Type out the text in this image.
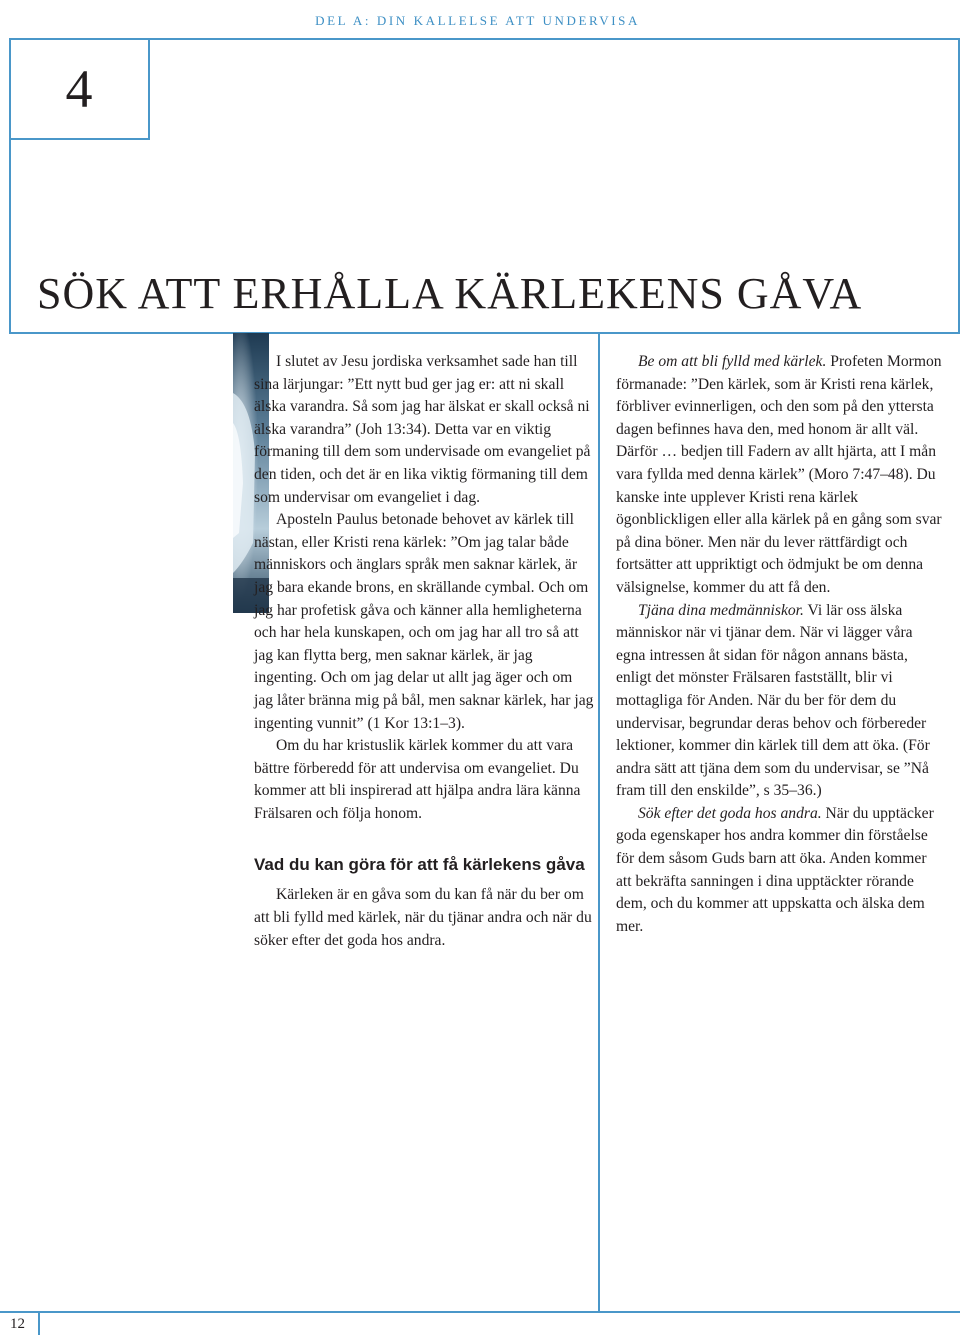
DEL A: DIN KALLELSE ATT UNDERVISA
4
SÖK ATT ERHÅLLA KÄRLEKENS GÅVA

I slutet av Jesu jordiska verksamhet sade han till sina lärjungar: ”Ett nytt bud ger jag er: att ni skall älska varandra. Så som jag har älskat er skall också ni älska varandra” (Joh 13:34). Detta var en viktig förmaning till dem som undervisade om evangeliet på den tiden, och det är en lika viktig förmaning till dem som undervisar om evangeliet i dag.

Aposteln Paulus betonade behovet av kärlek till nästan, eller Kristi rena kärlek: ”Om jag talar både människors och änglars språk men saknar kärlek, är jag bara ekande brons, en skrällande cymbal. Och om jag har profetisk gåva och känner alla hemligheterna och har hela kunskapen, och om jag har all tro så att jag kan flytta berg, men saknar kärlek, är jag ingenting. Och om jag delar ut allt jag äger och om jag låter bränna mig på bål, men saknar kärlek, har jag ingenting vunnit” (1 Kor 13:1–3).

Om du har kristuslik kärlek kommer du att vara bättre förberedd för att undervisa om evangeliet. Du kommer att bli inspirerad att hjälpa andra lära känna Frälsaren och följa honom.

Vad du kan göra för att få kärlekens gåva

Kärleken är en gåva som du kan få när du ber om att bli fylld med kärlek, när du tjänar andra och när du söker efter det goda hos andra.

Be om att bli fylld med kärlek. Profeten Mormon förmanade: ”Den kärlek, som är Kristi rena kärlek, förbliver evinnerligen, och den som på den yttersta dagen befinnes hava den, med honom är allt väl. Därför … bedjen till Fadern av allt hjärta, att I mån vara fyllda med denna kärlek” (Moro 7:47–48). Du kanske inte upplever Kristi rena kärlek ögonblickligen eller alla kärlek på en gång som svar på dina böner. Men när du lever rättfärdigt och fortsätter att uppriktigt och ödmjukt be om denna välsignelse, kommer du att få den.

Tjäna dina medmänniskor. Vi lär oss älska människor när vi tjänar dem. När vi lägger våra egna intressen åt sidan för någon annans bästa, enligt det mönster Frälsaren fastställt, blir vi mottagliga för Anden. När du ber för dem du undervisar, begrundar deras behov och förbereder lektioner, kommer din kärlek till dem att öka. (För andra sätt att tjäna dem som du undervisar, se ”Nå fram till den enskilde”, s 35–36.)

Sök efter det goda hos andra. När du upptäcker goda egenskaper hos andra kommer din förståelse för dem såsom Guds barn att öka. Anden kommer att bekräfta sanningen i dina upptäckter rörande dem, och du kommer att uppskatta och älska dem mer.

12
